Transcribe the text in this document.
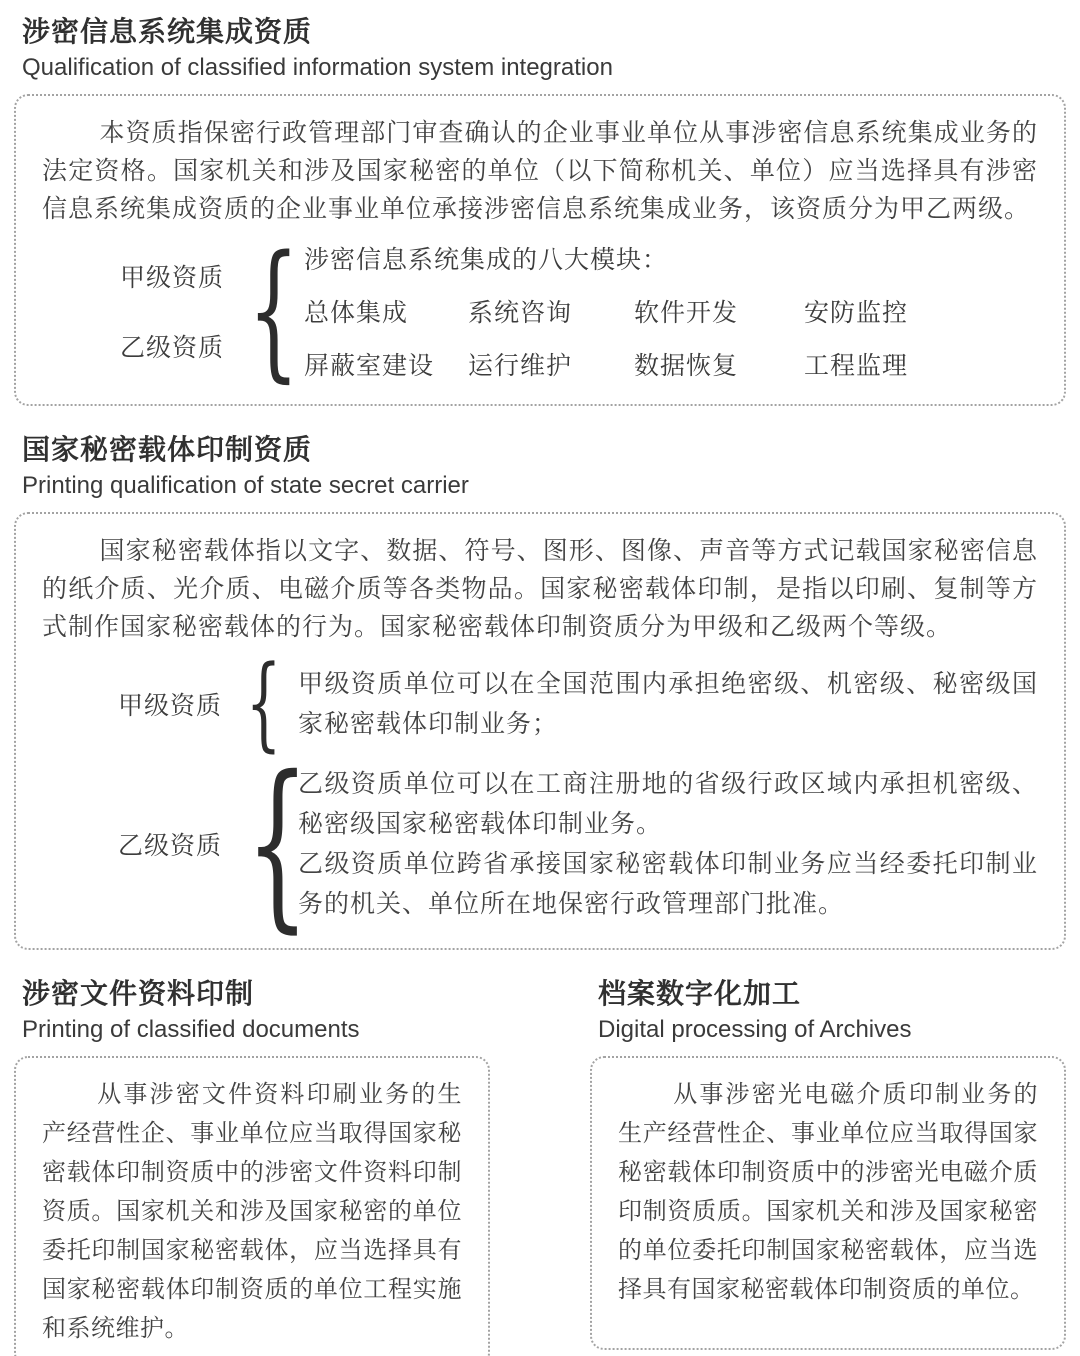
涉密信息系统集成资质
Qualification of classified information system integration

本资质指保密行政管理部门审查确认的企业事业单位从事涉密信息系统集成业务的法定资格。国家机关和涉及国家秘密的单位（以下简称机关、单位）应当选择具有涉密信息系统集成资质的企业事业单位承接涉密信息系统集成业务，该资质分为甲乙两级。

甲级资质
乙级资质 { 涉密信息系统集成的八大模块：
总体集成	系统咨询	软件开发	安防监控
屏蔽室建设	运行维护	数据恢复	工程监理
国家秘密载体印制资质
Printing qualification of state secret carrier

国家秘密载体指以文字、数据、符号、图形、图像、声音等方式记载国家秘密信息的纸介质、光介质、电磁介质等各类物品。国家秘密载体印制，是指以印刷、复制等方式制作国家秘密载体的行为。国家秘密载体印制资质分为甲级和乙级两个等级。

甲级资质 { 甲级资质单位可以在全国范围内承担绝密级、机密级、秘密级国家秘密载体印制业务；

乙级资质 {

乙级资质单位可以在工商注册地的省级行政区域内承担机密级、秘密级国家秘密载体印制业务。

乙级资质单位跨省承接国家秘密载体印制业务应当经委托印制业务的机关、单位所在地保密行政管理部门批准。

涉密文件资料印制
Printing of classified documents

从事涉密文件资料印刷业务的生产经营性企、事业单位应当取得国家秘密载体印制资质中的涉密文件资料印制资质。国家机关和涉及国家秘密的单位委托印制国家秘密载体，应当选择具有国家秘密载体印制资质的单位工程实施和系统维护。

档案数字化加工
Digital processing of Archives

从事涉密光电磁介质印制业务的生产经营性企、事业单位应当取得国家秘密载体印制资质中的涉密光电磁介质印制资质质。国家机关和涉及国家秘密的单位委托印制国家秘密载体，应当选择具有国家秘密载体印制资质的单位。
